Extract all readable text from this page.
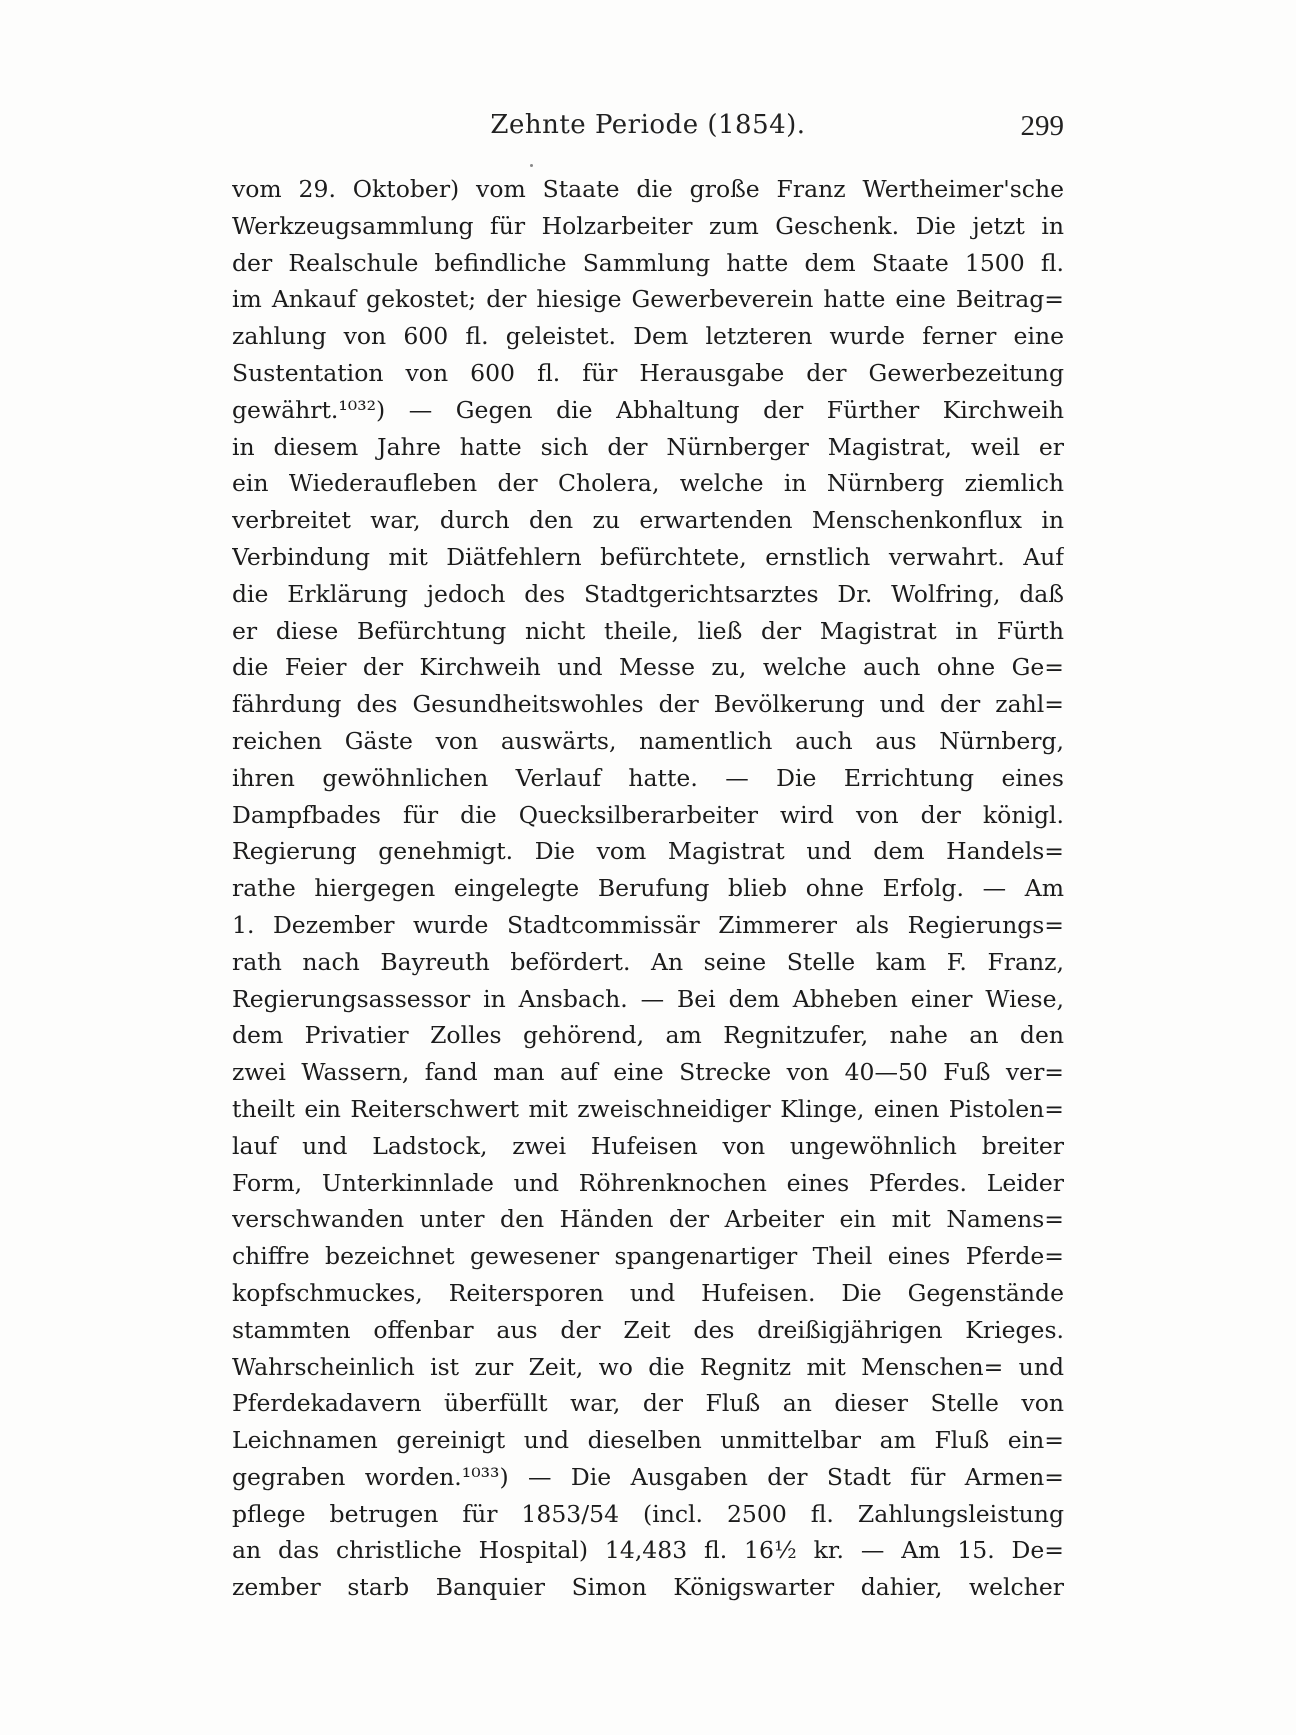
Zehnte Periode (1854).	299
vom 29. Oktober) vom Staate die große Franz Wertheimer'sche
Werkzeugsammlung für Holzarbeiter zum Geschenk. Die jetzt in
der Realschule befindliche Sammlung hatte dem Staate 1500 fl.
im Ankauf gekostet; der hiesige Gewerbeverein hatte eine Beitrag=
zahlung von 600 fl. geleistet. Dem letzteren wurde ferner eine
Sustentation von 600 fl. für Herausgabe der Gewerbezeitung
gewährt.¹⁰³²) — Gegen die Abhaltung der Fürther Kirchweih
in diesem Jahre hatte sich der Nürnberger Magistrat, weil er
ein Wiederaufleben der Cholera, welche in Nürnberg ziemlich
verbreitet war, durch den zu erwartenden Menschenkonflux in
Verbindung mit Diätfehlern befürchtete, ernstlich verwahrt. Auf
die Erklärung jedoch des Stadtgerichtsarztes Dr. Wolfring, daß
er diese Befürchtung nicht theile, ließ der Magistrat in Fürth
die Feier der Kirchweih und Messe zu, welche auch ohne Ge=
fährdung des Gesundheitswohles der Bevölkerung und der zahl=
reichen Gäste von auswärts, namentlich auch aus Nürnberg,
ihren gewöhnlichen Verlauf hatte. — Die Errichtung eines
Dampfbades für die Quecksilberarbeiter wird von der königl.
Regierung genehmigt. Die vom Magistrat und dem Handels=
rathe hiergegen eingelegte Berufung blieb ohne Erfolg. — Am
1. Dezember wurde Stadtcommissär Zimmerer als Regierungs=
rath nach Bayreuth befördert. An seine Stelle kam F. Franz,
Regierungsassessor in Ansbach. — Bei dem Abheben einer Wiese,
dem Privatier Zolles gehörend, am Regnitzufer, nahe an den
zwei Wassern, fand man auf eine Strecke von 40—50 Fuß ver=
theilt ein Reiterschwert mit zweischneidiger Klinge, einen Pistolen=
lauf und Ladstock, zwei Hufeisen von ungewöhnlich breiter
Form, Unterkinnlade und Röhrenknochen eines Pferdes. Leider
verschwanden unter den Händen der Arbeiter ein mit Namens=
chiffre bezeichnet gewesener spangenartiger Theil eines Pferde=
kopfschmuckes, Reitersporen und Hufeisen. Die Gegenstände
stammten offenbar aus der Zeit des dreißigjährigen Krieges.
Wahrscheinlich ist zur Zeit, wo die Regnitz mit Menschen= und
Pferdekadavern überfüllt war, der Fluß an dieser Stelle von
Leichnamen gereinigt und dieselben unmittelbar am Fluß ein=
gegraben worden.¹⁰³³) — Die Ausgaben der Stadt für Armen=
pflege betrugen für 1853/54 (incl. 2500 fl. Zahlungsleistung
an das christliche Hospital) 14,483 fl. 16½ kr. — Am 15. De=
zember starb Banquier Simon Königswarter dahier, welcher
